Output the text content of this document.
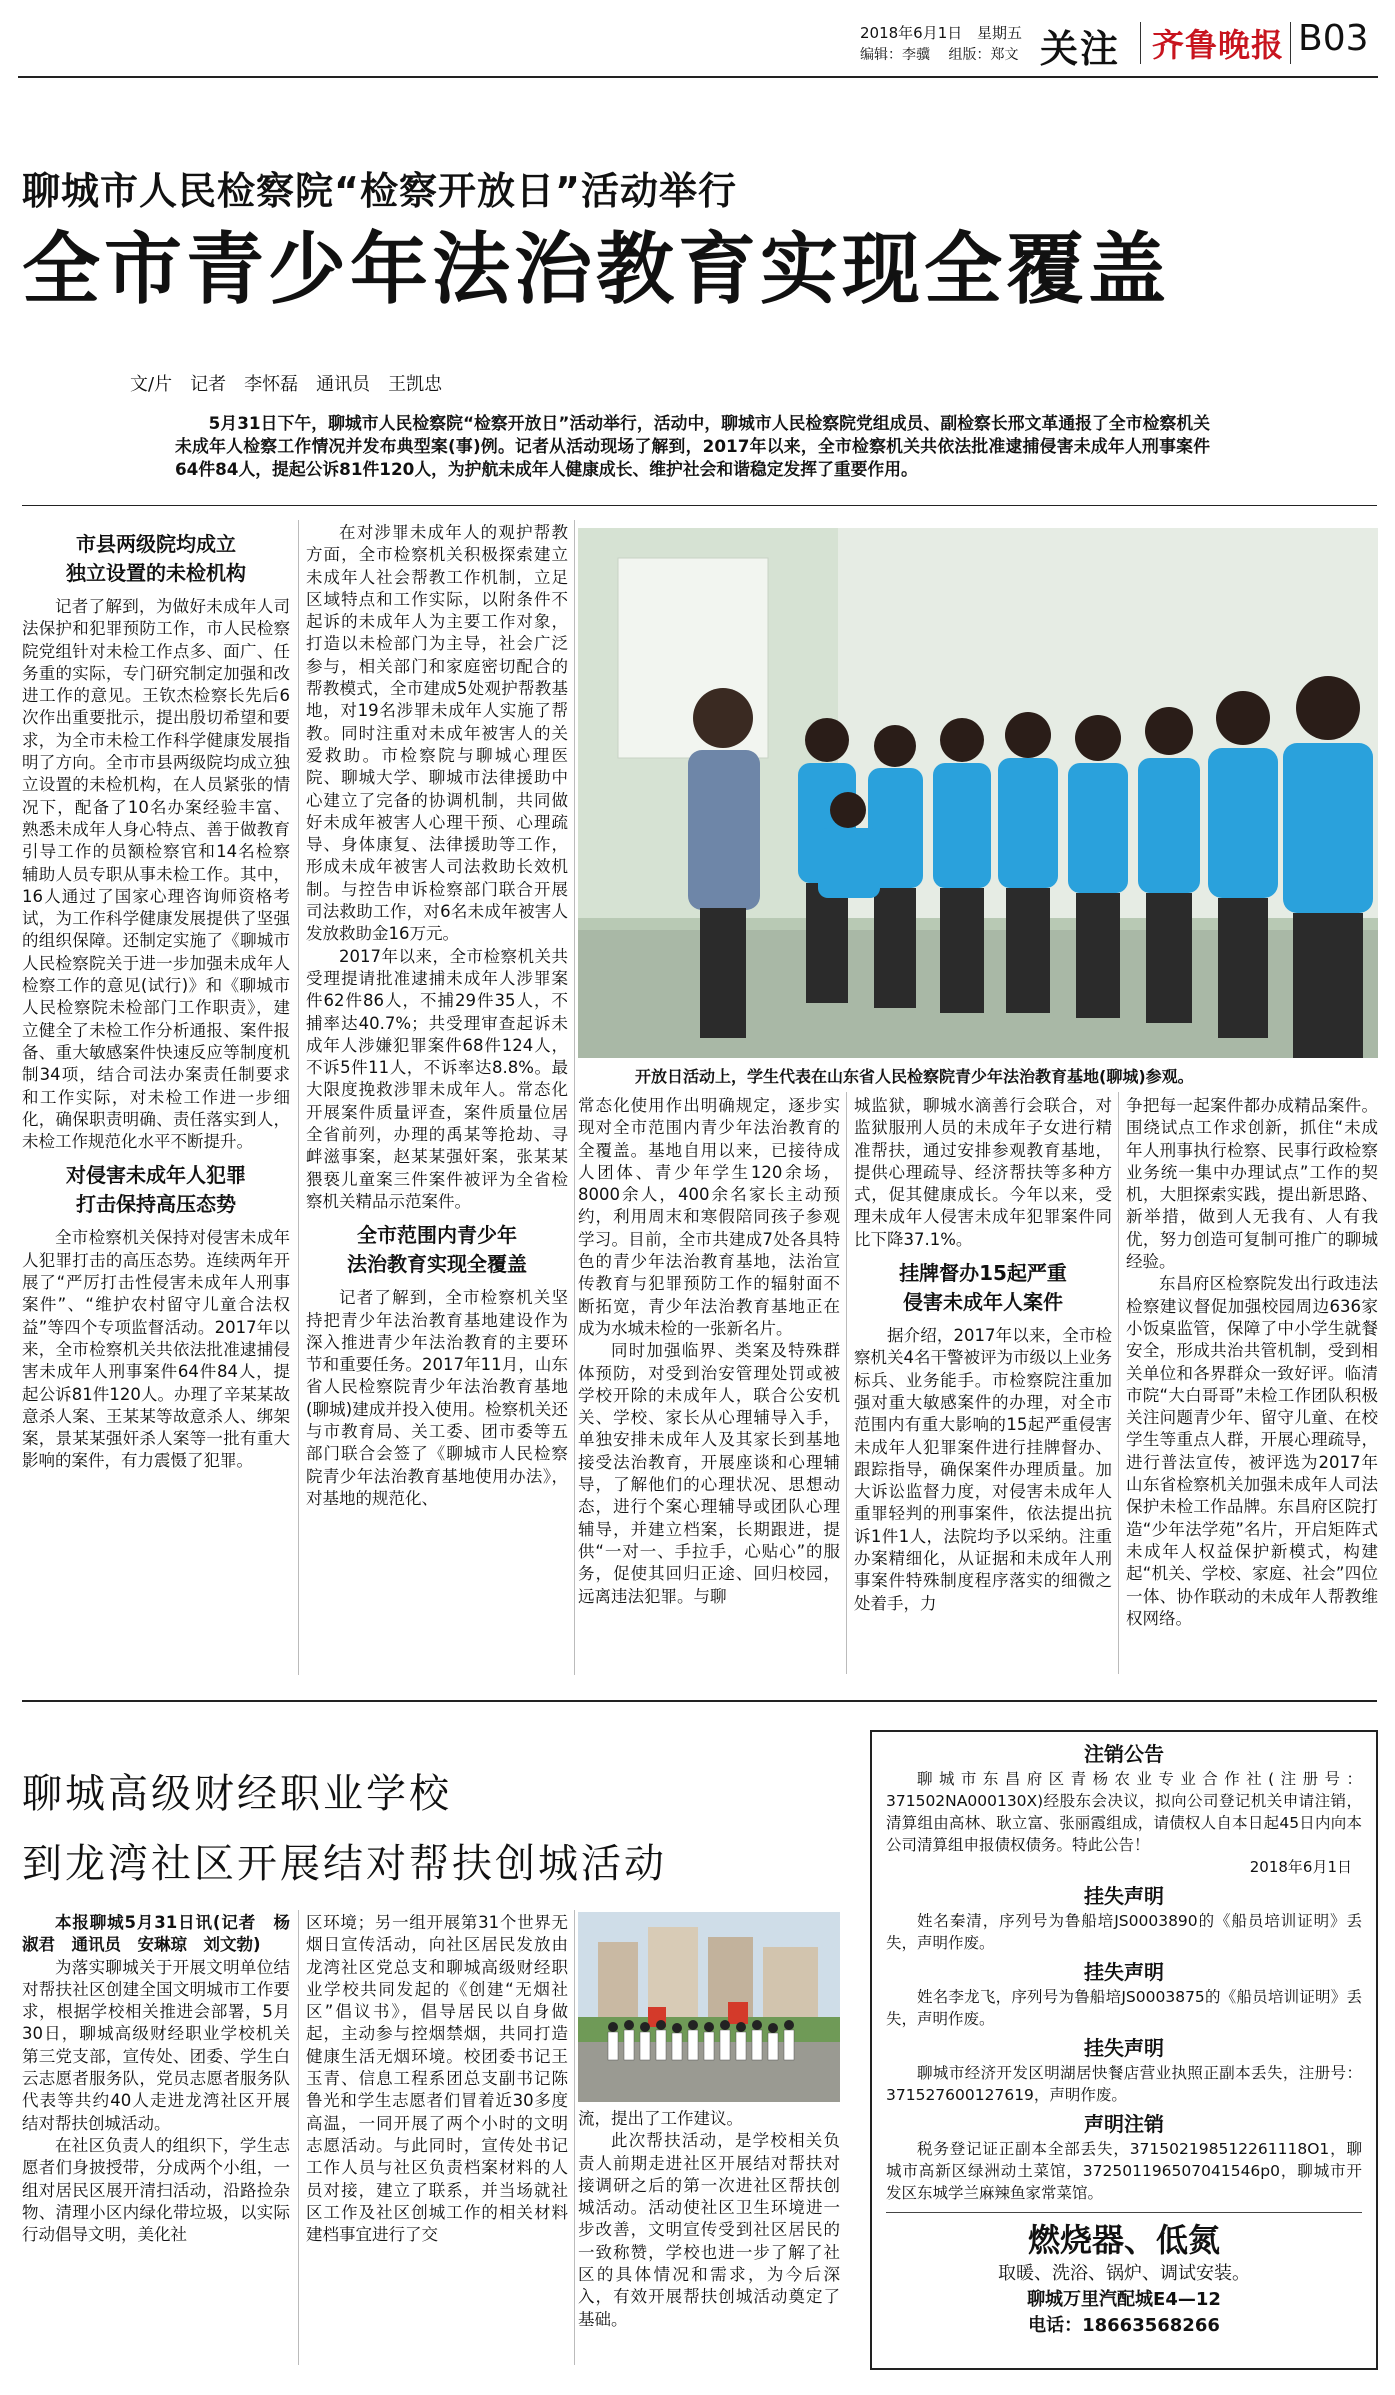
2018年6月1日 星期五
编辑：李骥 组版：郑文 关注 齐鲁晚报 B03
聊城市人民检察院“检察开放日”活动举行
全市青少年法治教育实现全覆盖
文/片　记者　李怀磊　通讯员　王凯忠

5月31日下午，聊城市人民检察院“检察开放日”活动举行，活动中，聊城市人民检察院党组成员、副检察长邢文革通报了全市检察机关未成年人检察工作情况并发布典型案(事)例。记者从活动现场了解到，2017年以来，全市检察机关共依法批准逮捕侵害未成年人刑事案件64件84人，提起公诉81件120人，为护航未成年人健康成长、维护社会和谐稳定发挥了重要作用。

市县两级院均成立
独立设置的未检机构

记者了解到，为做好未成年人司法保护和犯罪预防工作，市人民检察院党组针对未检工作点多、面广、任务重的实际，专门研究制定加强和改进工作的意见。王钦杰检察长先后6次作出重要批示，提出殷切希望和要求，为全市未检工作科学健康发展指明了方向。全市市县两级院均成立独立设置的未检机构，在人员紧张的情况下，配备了10名办案经验丰富、熟悉未成年人身心特点、善于做教育引导工作的员额检察官和14名检察辅助人员专职从事未检工作。其中，16人通过了国家心理咨询师资格考试，为工作科学健康发展提供了坚强的组织保障。还制定实施了《聊城市人民检察院关于进一步加强未成年人检察工作的意见(试行)》和《聊城市人民检察院未检部门工作职责》，建立健全了未检工作分析通报、案件报备、重大敏感案件快速反应等制度机制34项，结合司法办案责任制要求和工作实际，对未检工作进一步细化，确保职责明确、责任落实到人，未检工作规范化水平不断提升。

对侵害未成年人犯罪
打击保持高压态势

全市检察机关保持对侵害未成年人犯罪打击的高压态势。连续两年开展了“严厉打击性侵害未成年人刑事案件”、“维护农村留守儿童合法权益”等四个专项监督活动。2017年以来，全市检察机关共依法批准逮捕侵害未成年人刑事案件64件84人，提起公诉81件120人。办理了辛某某故意杀人案、王某某等故意杀人、绑架案，景某某强奸杀人案等一批有重大影响的案件，有力震慑了犯罪。

在对涉罪未成年人的观护帮教方面，全市检察机关积极探索建立未成年人社会帮教工作机制，立足区域特点和工作实际，以附条件不起诉的未成年人为主要工作对象，打造以未检部门为主导，社会广泛参与，相关部门和家庭密切配合的帮教模式，全市建成5处观护帮教基地，对19名涉罪未成年人实施了帮教。同时注重对未成年被害人的关爱救助。市检察院与聊城心理医院、聊城大学、聊城市法律援助中心建立了完备的协调机制，共同做好未成年被害人心理干预、心理疏导、身体康复、法律援助等工作，形成未成年被害人司法救助长效机制。与控告申诉检察部门联合开展司法救助工作，对6名未成年被害人发放救助金16万元。

2017年以来，全市检察机关共受理提请批准逮捕未成年人涉罪案件62件86人，不捕29件35人，不捕率达40.7%；共受理审查起诉未成年人涉嫌犯罪案件68件124人，不诉5件11人，不诉率达8.8%。最大限度挽救涉罪未成年人。常态化开展案件质量评查，案件质量位居全省前列，办理的禹某等抢劫、寻衅滋事案，赵某某强奸案，张某某猥亵儿童案三件案件被评为全省检察机关精品示范案件。

全市范围内青少年
法治教育实现全覆盖

记者了解到，全市检察机关坚持把青少年法治教育基地建设作为深入推进青少年法治教育的主要环节和重要任务。2017年11月，山东省人民检察院青少年法治教育基地(聊城)建成并投入使用。检察机关还与市教育局、关工委、团市委等五部门联合会签了《聊城市人民检察院青少年法治教育基地使用办法》，对基地的规范化、

开放日活动上，学生代表在山东省人民检察院青少年法治教育基地(聊城)参观。

常态化使用作出明确规定，逐步实现对全市范围内青少年法治教育的全覆盖。基地自用以来，已接待成人团体、青少年学生120余场，8000余人，400余名家长主动预约，利用周末和寒假陪同孩子参观学习。目前，全市共建成7处各具特色的青少年法治教育基地，法治宣传教育与犯罪预防工作的辐射面不断拓宽，青少年法治教育基地正在成为水城未检的一张新名片。

同时加强临界、类案及特殊群体预防，对受到治安管理处罚或被学校开除的未成年人，联合公安机关、学校、家长从心理辅导入手，单独安排未成年人及其家长到基地接受法治教育，开展座谈和心理辅导，了解他们的心理状况、思想动态，进行个案心理辅导或团队心理辅导，并建立档案，长期跟进，提供“一对一、手拉手，心贴心”的服务，促使其回归正途、回归校园，远离违法犯罪。与聊

城监狱，聊城水滴善行会联合，对监狱服刑人员的未成年子女进行精准帮扶，通过安排参观教育基地，提供心理疏导、经济帮扶等多种方式，促其健康成长。今年以来，受理未成年人侵害未成年犯罪案件同比下降37.1%。

挂牌督办15起严重
侵害未成年人案件

据介绍，2017年以来，全市检察机关4名干警被评为市级以上业务标兵、业务能手。市检察院注重加强对重大敏感案件的办理，对全市范围内有重大影响的15起严重侵害未成年人犯罪案件进行挂牌督办、跟踪指导，确保案件办理质量。加大诉讼监督力度，对侵害未成年人重罪轻判的刑事案件，依法提出抗诉1件1人，法院均予以采纳。注重办案精细化，从证据和未成年人刑事案件特殊制度程序落实的细微之处着手，力

争把每一起案件都办成精品案件。围绕试点工作求创新，抓住“未成年人刑事执行检察、民事行政检察业务统一集中办理试点”工作的契机，大胆探索实践，提出新思路、新举措，做到人无我有、人有我优，努力创造可复制可推广的聊城经验。

东昌府区检察院发出行政违法检察建议督促加强校园周边636家小饭桌监管，保障了中小学生就餐安全，形成共治共管机制，受到相关单位和各界群众一致好评。临清市院“大白哥哥”未检工作团队积极关注问题青少年、留守儿童、在校学生等重点人群，开展心理疏导，进行普法宣传，被评选为2017年山东省检察机关加强未成年人司法保护未检工作品牌。东昌府区院打造“少年法学苑”名片，开启矩阵式未成年人权益保护新模式，构建起“机关、学校、家庭、社会”四位一体、协作联动的未成年人帮教维权网络。

聊城高级财经职业学校
到龙湾社区开展结对帮扶创城活动

本报聊城5月31日讯(记者　杨淑君　通讯员　安琳琼　刘文勃)

为落实聊城关于开展文明单位结对帮扶社区创建全国文明城市工作要求，根据学校相关推进会部署，5月30日，聊城高级财经职业学校机关第三党支部，宣传处、团委、学生白云志愿者服务队，党员志愿者服务队代表等共约40人走进龙湾社区开展结对帮扶创城活动。

在社区负责人的组织下，学生志愿者们身披授带，分成两个小组，一组对居民区展开清扫活动，沿路捡杂物、清理小区内绿化带垃圾，以实际行动倡导文明，美化社

区环境；另一组开展第31个世界无烟日宣传活动，向社区居民发放由龙湾社区党总支和聊城高级财经职业学校共同发起的《创建“无烟社区”倡议书》，倡导居民以自身做起，主动参与控烟禁烟，共同打造健康生活无烟环境。校团委书记王玉青、信息工程系团总支副书记陈鲁光和学生志愿者们冒着近30多度高温，一同开展了两个小时的文明志愿活动。与此同时，宣传处书记工作人员与社区负责档案材料的人员对接，建立了联系，并当场就社区工作及社区创城工作的相关材料建档事宜进行了交

流，提出了工作建议。

此次帮扶活动，是学校相关负责人前期走进社区开展结对帮扶对接调研之后的第一次进社区帮扶创城活动。活动使社区卫生环境进一步改善，文明宣传受到社区居民的一致称赞，学校也进一步了解了社区的具体情况和需求，为今后深入，有效开展帮扶创城活动奠定了基础。

注销公告

聊城市东昌府区青杨农业专业合作社(注册号：371502NA000130X)经股东会决议，拟向公司登记机关申请注销，清算组由高林、耿立富、张丽霞组成，请债权人自本日起45日内向本公司清算组申报债权债务。特此公告！

2018年6月1日
挂失声明

姓名秦清，序列号为鲁船培JS0003890的《船员培训证明》丢失，声明作废。

挂失声明

姓名李龙飞，序列号为鲁船培JS0003875的《船员培训证明》丢失，声明作废。

挂失声明

聊城市经济开发区明湖居快餐店营业执照正副本丢失，注册号：371527600127619，声明作废。

声明注销

税务登记证正副本全部丢失，371502198512261118O1，聊城市高新区绿洲动土菜馆，372501196507041546p0，聊城市开发区东城学兰麻辣鱼家常菜馆。

燃烧器、低氮
取暖、洗浴、锅炉、调试安装。
聊城万里汽配城E4—12
电话：18663568266
